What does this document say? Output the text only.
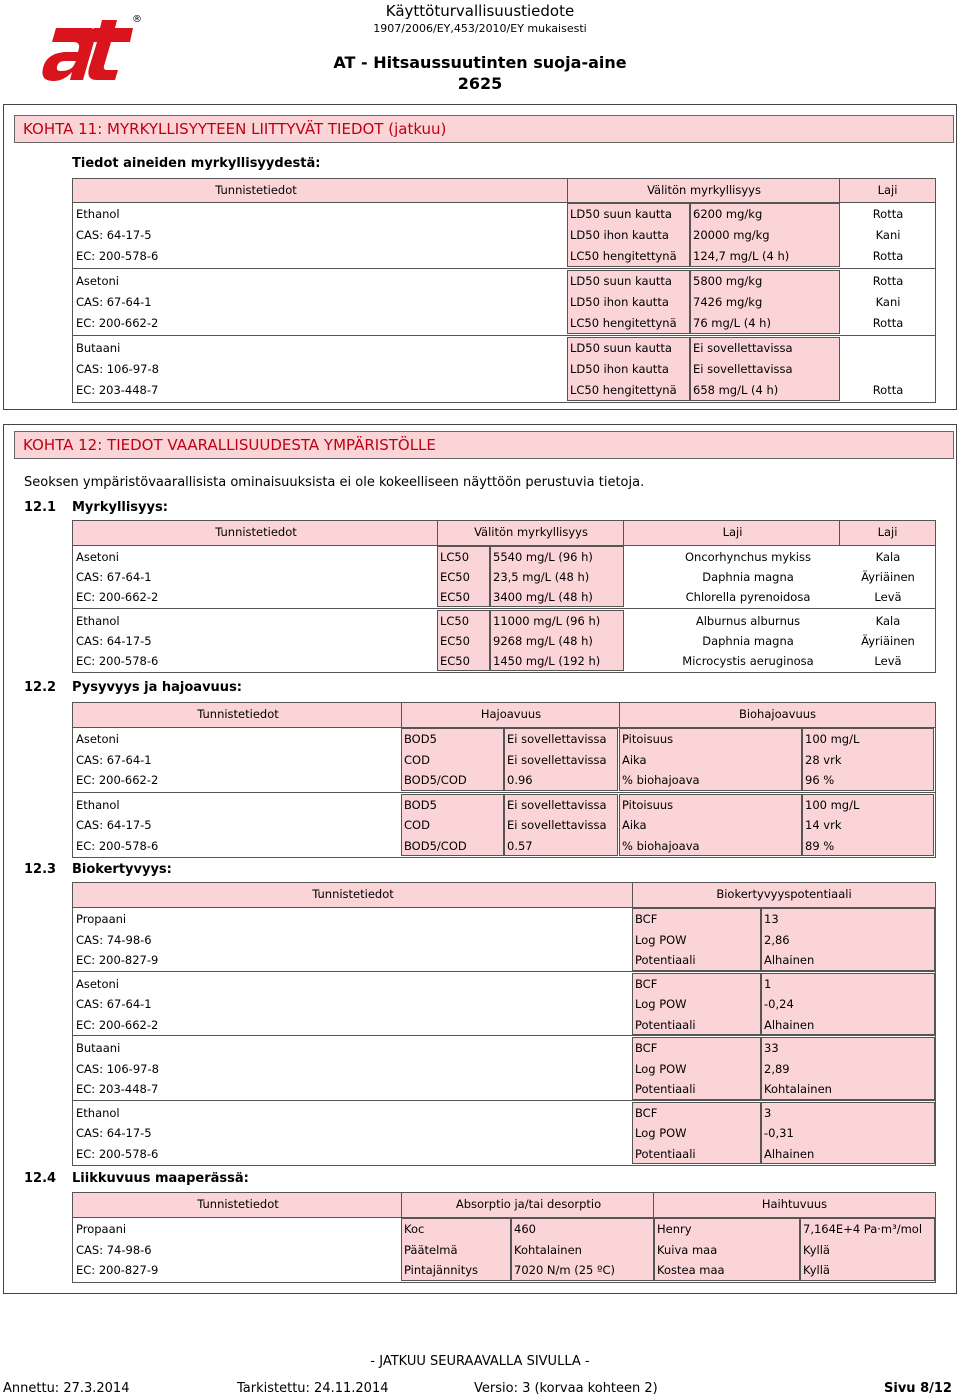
®	Käyttöturvallisuustiedote
1907/2006/EY,453/2010/EY mukaisesti
AT - Hitsaussuutinten suoja-aine
2625
KOHTA 11: MYRKYLLISYYTEEN LIITTYVÄT TIEDOT (jatkuu)
Tiedot aineiden myrkyllisyydestä:
Tunnistetiedot	Välitön myrkyllisyys	Laji
Ethanol
CAS: 64-17-5
EC: 200-578-6
LD50 suun kautta	6200 mg/kg	Rotta
LD50 ihon kautta	20000 mg/kg	Kani
LC50 hengitettynä	124,7 mg/L (4 h)	Rotta
Asetoni
CAS: 67-64-1
EC: 200-662-2
LD50 suun kautta	5800 mg/kg	Rotta
LD50 ihon kautta	7426 mg/kg	Kani
LC50 hengitettynä	76 mg/L (4 h)	Rotta
Butaani
CAS: 106-97-8
EC: 203-448-7
LD50 suun kautta	Ei sovellettavissa
LD50 ihon kautta	Ei sovellettavissa
LC50 hengitettynä	658 mg/L (4 h)	Rotta
KOHTA 12: TIEDOT VAARALLISUUDESTA YMPÄRISTÖLLE
Seoksen ympäristövaarallisista ominaisuuksista ei ole kokeelliseen näyttöön perustuvia tietoja.
12.1 Myrkyllisyys:
Tunnistetiedot	Välitön myrkyllisyys	Laji	Laji
Asetoni
CAS: 67-64-1
EC: 200-662-2
LC50	5540 mg/L (96 h)	Oncorhynchus mykiss	Kala
EC50	23,5 mg/L (48 h)	Daphnia magna	Äyriäinen
EC50	3400 mg/L (48 h)	Chlorella pyrenoidosa	Levä
Ethanol
CAS: 64-17-5
EC: 200-578-6
LC50	11000 mg/L (96 h)	Alburnus alburnus	Kala
EC50	9268 mg/L (48 h)	Daphnia magna	Äyriäinen
EC50	1450 mg/L (192 h)	Microcystis aeruginosa	Levä
12.2 Pysyvyys ja hajoavuus:
Tunnistetiedot	Hajoavuus	Biohajoavuus
Asetoni
CAS: 67-64-1
EC: 200-662-2
BOD5	Ei sovellettavissa	Pitoisuus	100 mg/L
COD	Ei sovellettavissa	Aika	28 vrk
BOD5/COD	0.96	% biohajoava	96 %
Ethanol
CAS: 64-17-5
EC: 200-578-6
BOD5	Ei sovellettavissa	Pitoisuus	100 mg/L
COD	Ei sovellettavissa	Aika	14 vrk
BOD5/COD	0.57	% biohajoava	89 %
12.3 Biokertyvyys:
Tunnistetiedot	Biokertyvyyspotentiaali
Propaani
CAS: 74-98-6
EC: 200-827-9
BCF	13
Log POW	2,86
Potentiaali	Alhainen
Asetoni
CAS: 67-64-1
EC: 200-662-2
BCF	1
Log POW	-0,24
Potentiaali	Alhainen
Butaani
CAS: 106-97-8
EC: 203-448-7
BCF	33
Log POW	2,89
Potentiaali	Kohtalainen
Ethanol
CAS: 64-17-5
EC: 200-578-6
BCF	3
Log POW	-0,31
Potentiaali	Alhainen
12.4 Liikkuvuus maaperässä:
Tunnistetiedot	Absorptio ja/tai desorptio	Haihtuvuus
Propaani
CAS: 74-98-6
EC: 200-827-9
Koc	460	Henry	7,164E+4 Pa·m³/mol
Päätelmä	Kohtalainen	Kuiva maa	Kyllä
Pintajännitys	7020 N/m (25 ºC)	Kostea maa	Kyllä
- JATKUU SEURAAVALLA SIVULLA -
Annettu: 27.3.2014	Tarkistettu: 24.11.2014	Versio: 3 (korvaa kohteen 2)	Sivu 8/12
